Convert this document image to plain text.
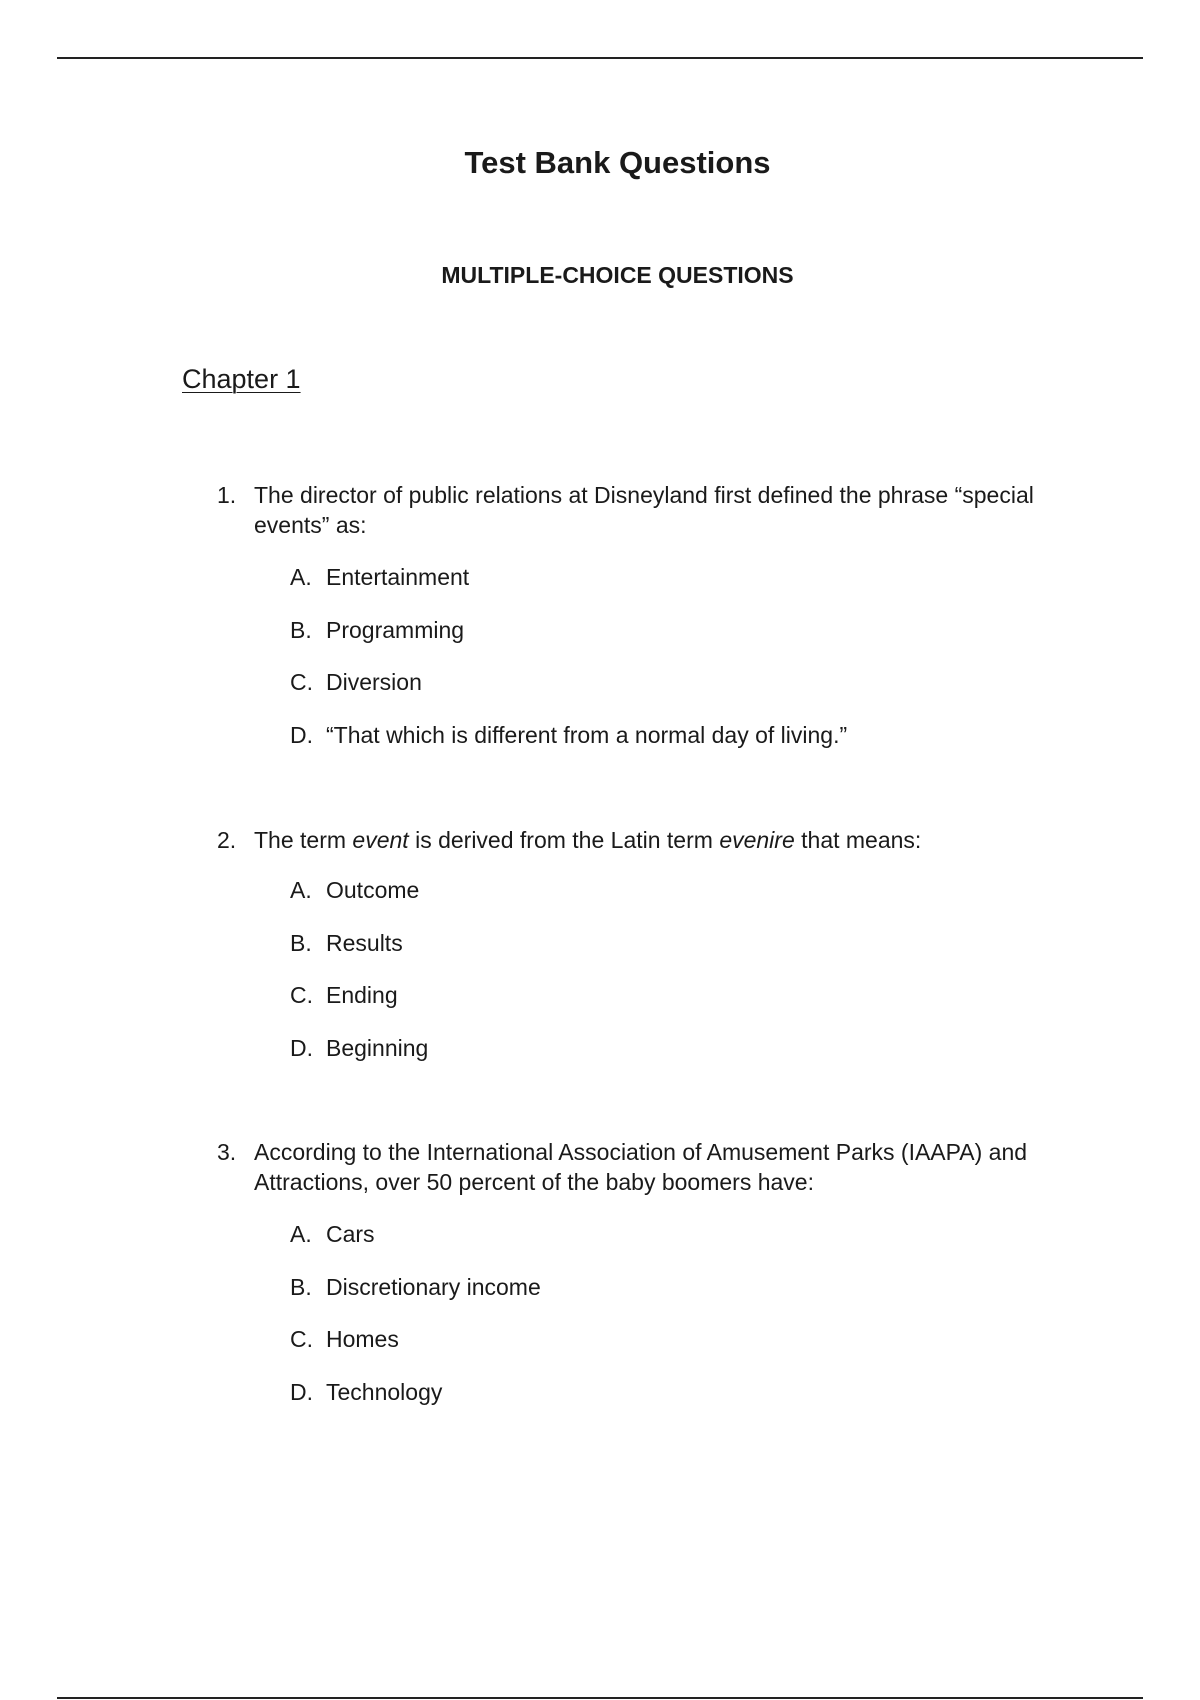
Test Bank Questions
MULTIPLE-CHOICE QUESTIONS
Chapter 1
1. The director of public relations at Disneyland first defined the phrase “special events” as:
A. Entertainment
B. Programming
C. Diversion
D. “That which is different from a normal day of living.”
2. The term event is derived from the Latin term evenire that means:
A. Outcome
B. Results
C. Ending
D. Beginning
3. According to the International Association of Amusement Parks (IAAPA) and Attractions, over 50 percent of the baby boomers have:
A. Cars
B. Discretionary income
C. Homes
D. Technology
